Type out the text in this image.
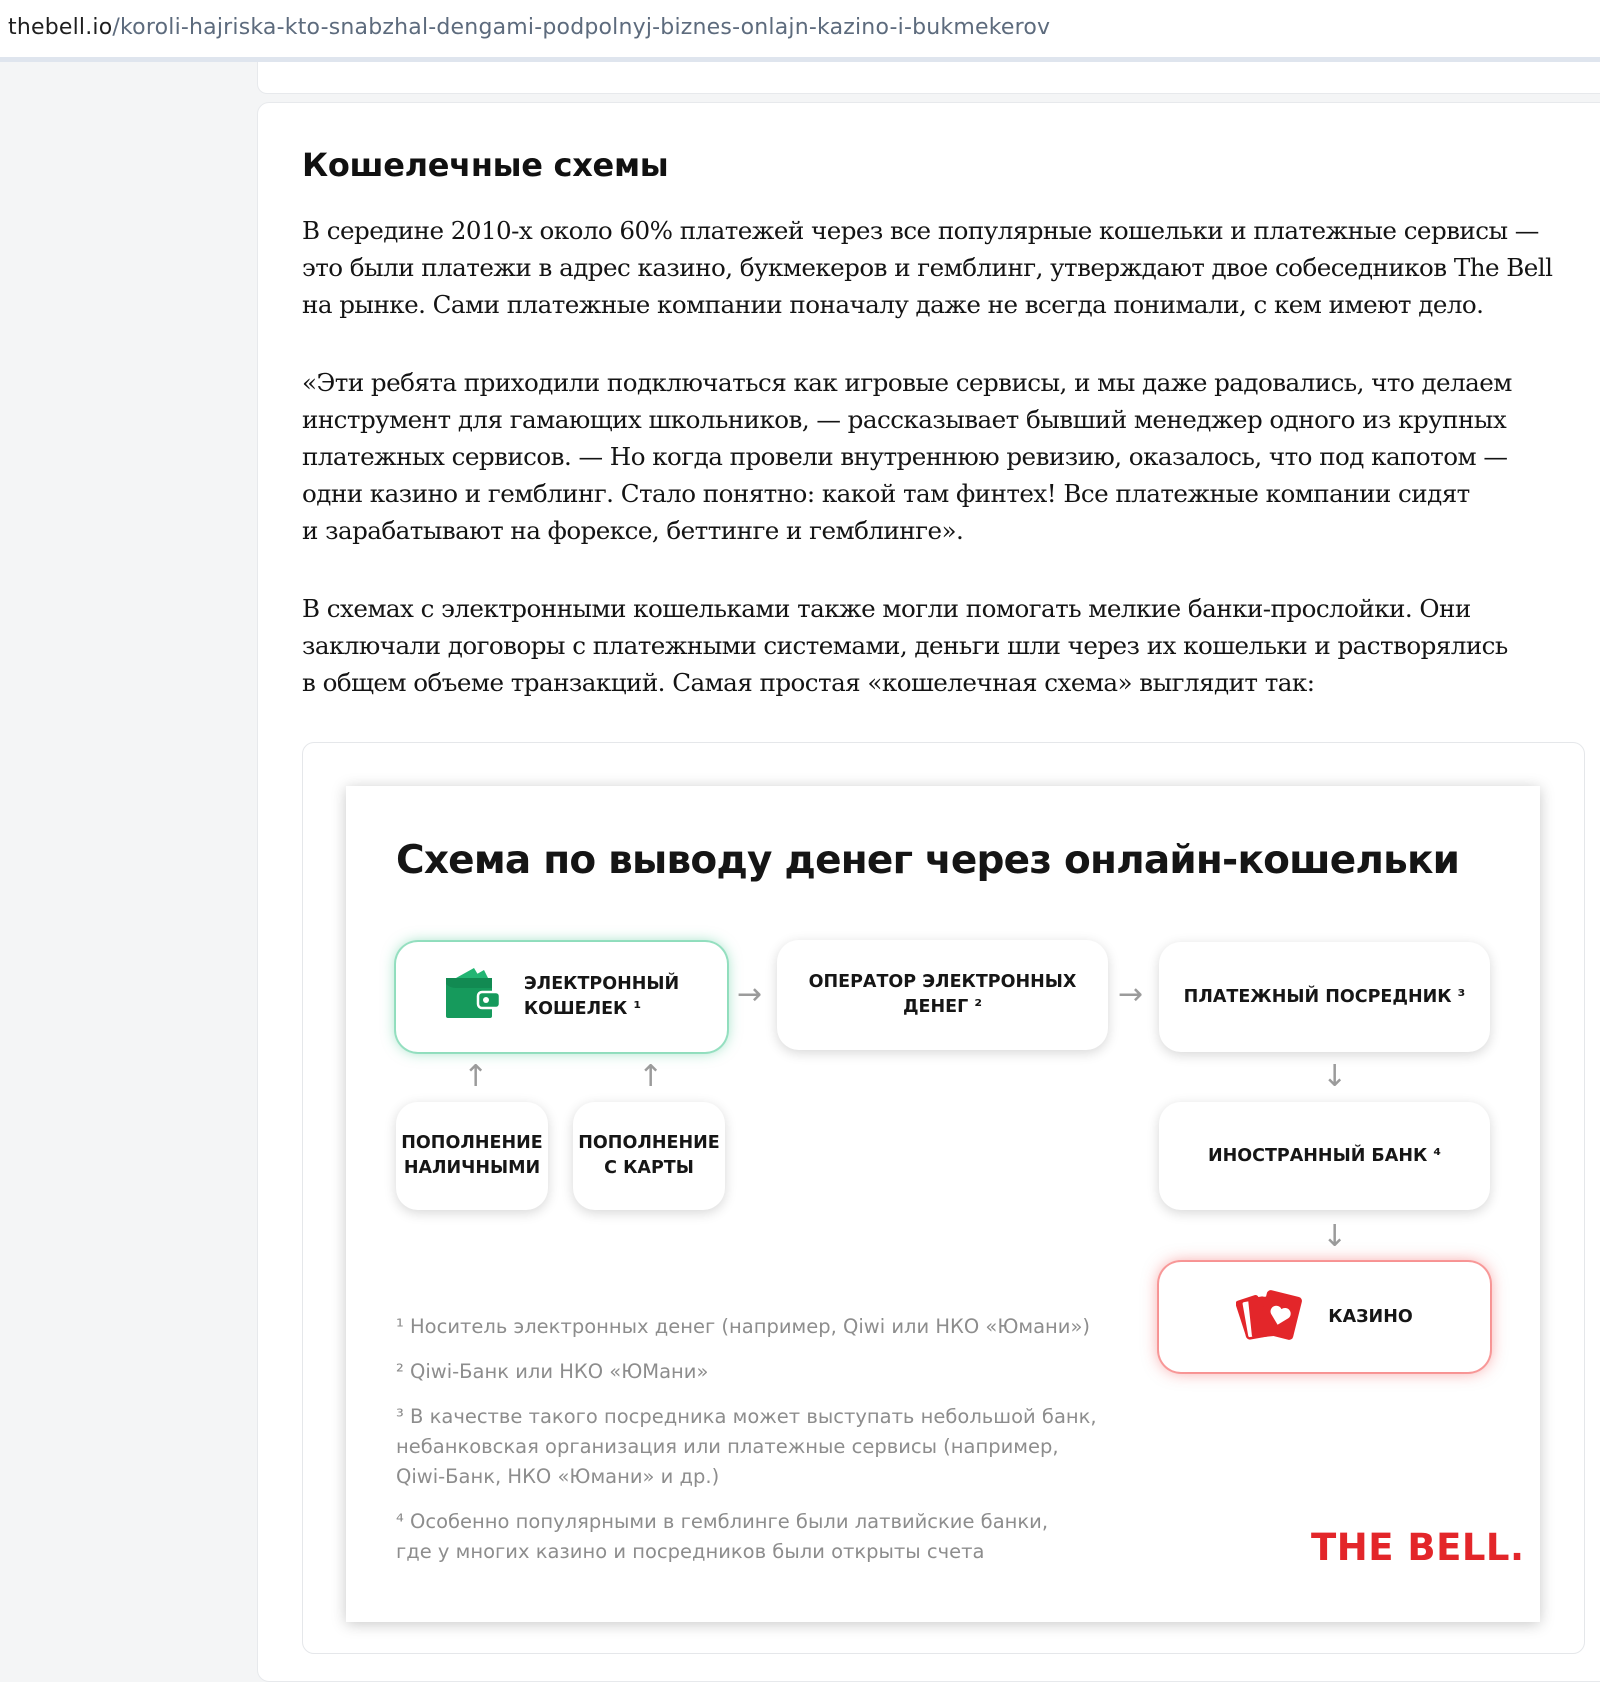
thebell.io/koroli-hajriska-kto-snabzhal-dengami-podpolnyj-biznes-onlajn-kazino-i-bukmekerov
Кошелечные схемы
В середине 2010-х около 60% платежей через все популярные кошельки и платежные сервисы —
это были платежи в адрес казино, букмекеров и гемблинг, утверждают двое собеседников The Bell
на рынке. Сами платежные компании поначалу даже не всегда понимали, с кем имеют дело.
«Эти ребята приходили подключаться как игровые сервисы, и мы даже радовались, что делаем
инструмент для гамающих школьников, — рассказывает бывший менеджер одного из крупных
платежных сервисов. — Но когда провели внутреннюю ревизию, оказалось, что под капотом —
одни казино и гемблинг. Стало понятно: какой там финтех! Все платежные компании сидят
и зарабатывают на форексе, беттинге и гемблинге».
В схемах с электронными кошельками также могли помогать мелкие банки-прослойки. Они
заключали договоры с платежными системами, деньги шли через их кошельки и растворялись
в общем объеме транзакций. Самая простая «кошелечная схема» выглядит так:
Схема по выводу денег через онлайн-кошельки
ЭЛЕКТРОННЫЙ
КОШЕЛЕК ¹	→	ОПЕРАТОР ЭЛЕКТРОННЫХ
ДЕНЕГ ²	→ ПЛАТЕЖНЫЙ ПОСРЕДНИК ³
↑	↑	↓
ПОПОЛНЕНИЕ
НАЛИЧНЫМИ
ПОПОЛНЕНИЕ
С КАРТЫ
ИНОСТРАННЫЙ БАНК ⁴
↓
КАЗИНО
¹ Носитель электронных денег (например, Qiwi или НКО «Юмани»)
² Qiwi-Банк или НКО «ЮМани»
³ В качестве такого посредника может выступать небольшой банк,
небанковская организация или платежные сервисы (например,
Qiwi-Банк, НКО «Юмани» и др.)
⁴ Особенно популярными в гемблинге были латвийские банки,
где у многих казино и посредников были открыты счета	THE BELL.
